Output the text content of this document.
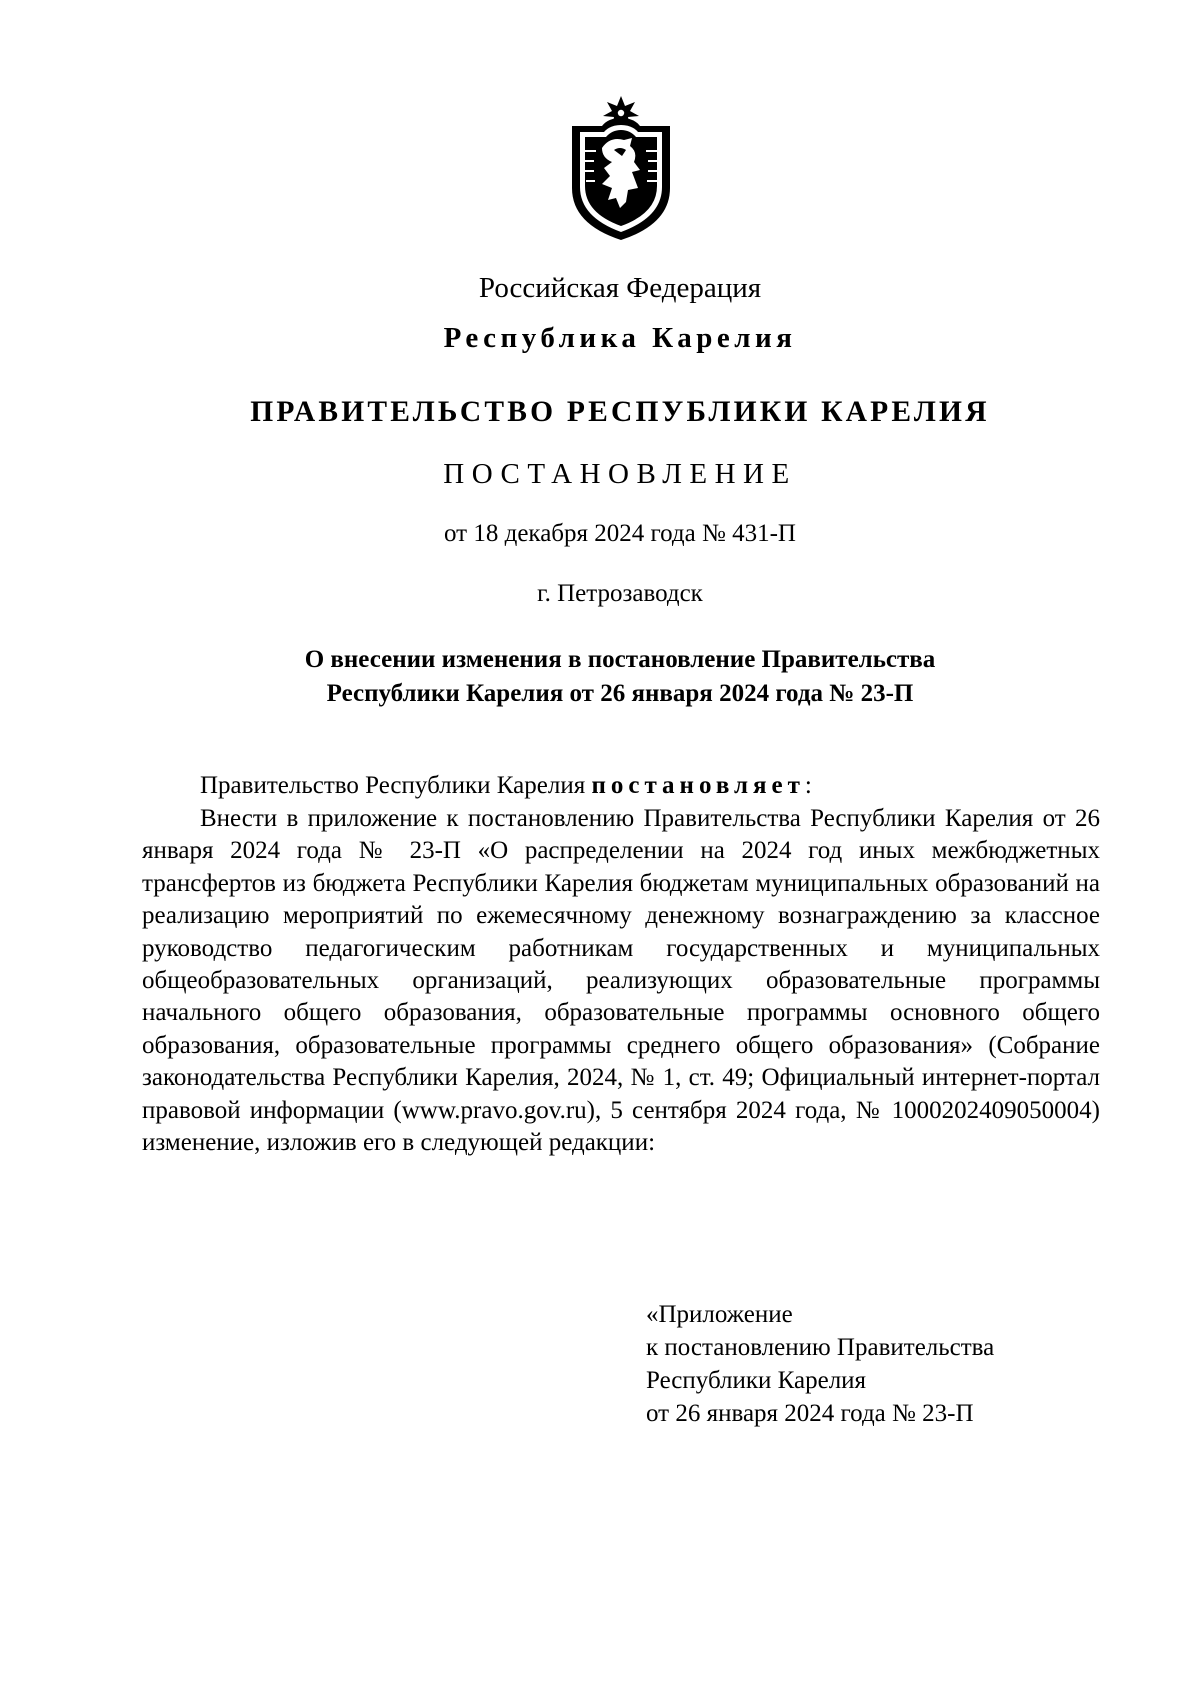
Российская Федерация
Республика Карелия
ПРАВИТЕЛЬСТВО РЕСПУБЛИКИ КАРЕЛИЯ
ПОСТАНОВЛЕНИЕ
от 18 декабря 2024 года № 431-П
г. Петрозаводск
О внесении изменения в постановление Правительства
Республики Карелия от 26 января 2024 года № 23-П
Правительство Республики Карелия постановляет:
Внести в приложение к постановлению Правительства Республики Карелия от 26 января 2024 года № 23-П «О распределении на 2024 год иных межбюджетных трансфертов из бюджета Республики Карелия бюджетам муниципальных образований на реализацию мероприятий по ежемесячному денежному вознаграждению за классное руководство педагогическим работникам государственных и муниципальных общеобразовательных организаций, реализующих образовательные программы начального общего образования, образовательные программы основного общего образования, образовательные программы среднего общего образования» (Собрание законодательства Республики Карелия, 2024, № 1, ст. 49; Официальный интернет-портал правовой информации (www.pravo.gov.ru), 5 сентября 2024 года, № 1000202409050004) изменение, изложив его в следующей редакции:
«Приложение
к постановлению Правительства
Республики Карелия
от 26 января 2024 года № 23-П
